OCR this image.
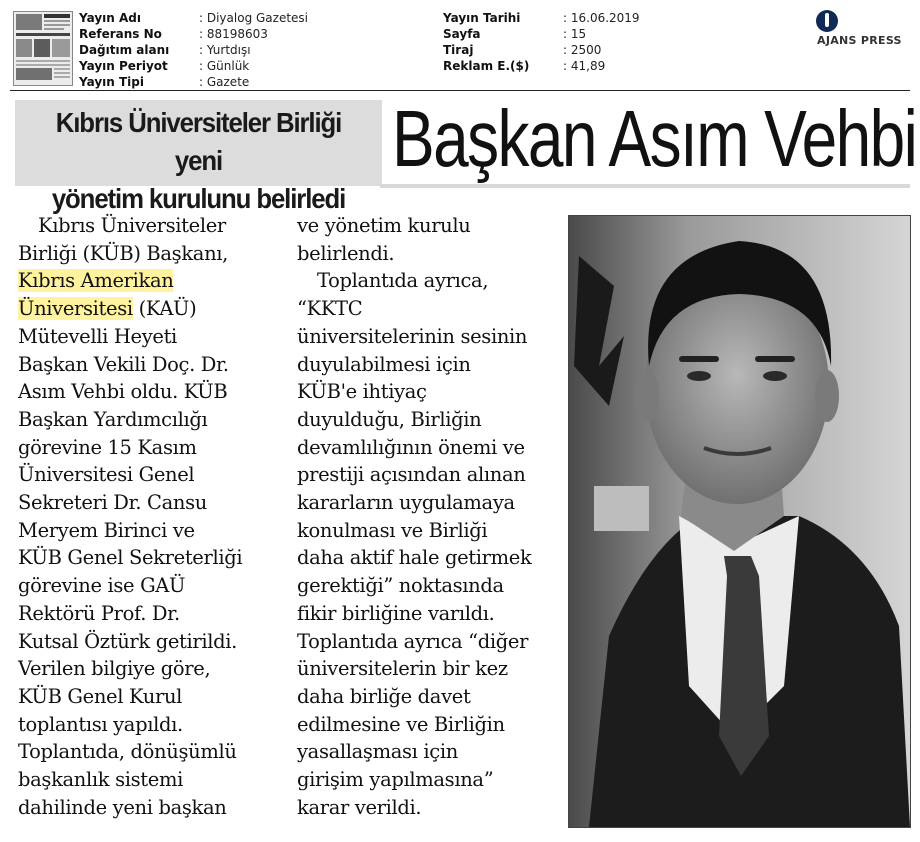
Yayın Adı	: Diyalog Gazetesi
Referans No	: 88198603
Dağıtım alanı	: Yurtdışı
Yayın Periyot	: Günlük
Yayın Tipi	: Gazete
Yayın Tarihi	: 16.06.2019
Sayfa	: 15
Tiraj	: 2500
Reklam E.($)	: 41,89
AJANS PRESS
Kıbrıs Üniversiteler Birliği yeni
yönetim kurulunu belirledi
Başkan Asım Vehbi
Kıbrıs Üniversiteler
Birliği (KÜB) Başkanı,
Kıbrıs Amerikan
Üniversitesi (KAÜ)
Mütevelli Heyeti
Başkan Vekili Doç. Dr.
Asım Vehbi oldu. KÜB
Başkan Yardımcılığı
görevine 15 Kasım
Üniversitesi Genel
Sekreteri Dr. Cansu
Meryem Birinci ve
KÜB Genel Sekreterliği
görevine ise GAÜ
Rektörü Prof. Dr.
Kutsal Öztürk getirildi.
Verilen bilgiye göre,
KÜB Genel Kurul
toplantısı yapıldı.
Toplantıda, dönüşümlü
başkanlık sistemi
dahilinde yeni başkan
ve yönetim kurulu
belirlendi.
Toplantıda ayrıca,
“KKTC
üniversitelerinin sesinin
duyulabilmesi için
KÜB'e ihtiyaç
duyulduğu, Birliğin
devamlılığının önemi ve
prestiji açısından alınan
kararların uygulamaya
konulması ve Birliği
daha aktif hale getirmek
gerektiği” noktasında
fikir birliğine varıldı.
Toplantıda ayrıca “diğer
üniversitelerin bir kez
daha birliğe davet
edilmesine ve Birliğin
yasallaşması için
girişim yapılmasına”
karar verildi.
